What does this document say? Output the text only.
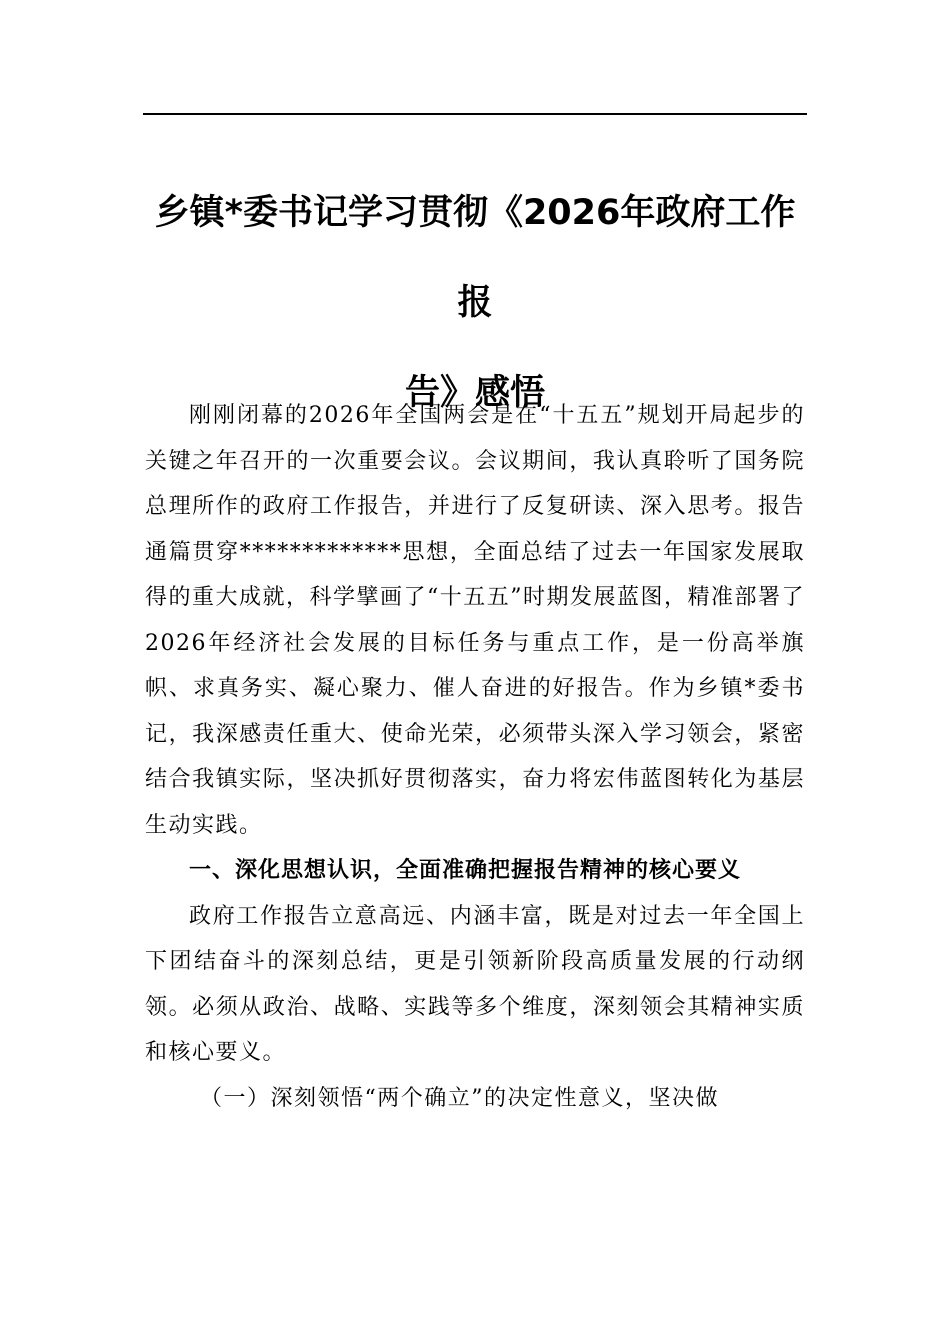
乡镇*委书记学习贯彻《2026年政府工作报
告》感悟

刚刚闭幕的2026年全国两会是在“十五五”规划开局起步的关键之年召开的一次重要会议。会议期间，我认真聆听了国务院总理所作的政府工作报告，并进行了反复研读、深入思考。报告通篇贯穿*************思想，全面总结了过去一年国家发展取得的重大成就，科学擘画了“十五五”时期发展蓝图，精准部署了2026年经济社会发展的目标任务与重点工作，是一份高举旗帜、求真务实、凝心聚力、催人奋进的好报告。作为乡镇*委书记，我深感责任重大、使命光荣，必须带头深入学习领会，紧密结合我镇实际，坚决抓好贯彻落实，奋力将宏伟蓝图转化为基层生动实践。

一、深化思想认识，全面准确把握报告精神的核心要义

政府工作报告立意高远、内涵丰富，既是对过去一年全国上下团结奋斗的深刻总结，更是引领新阶段高质量发展的行动纲领。必须从政治、战略、实践等多个维度，深刻领会其精神实质和核心要义。

（一）深刻领悟“两个确立”的决定性意义，坚决做
